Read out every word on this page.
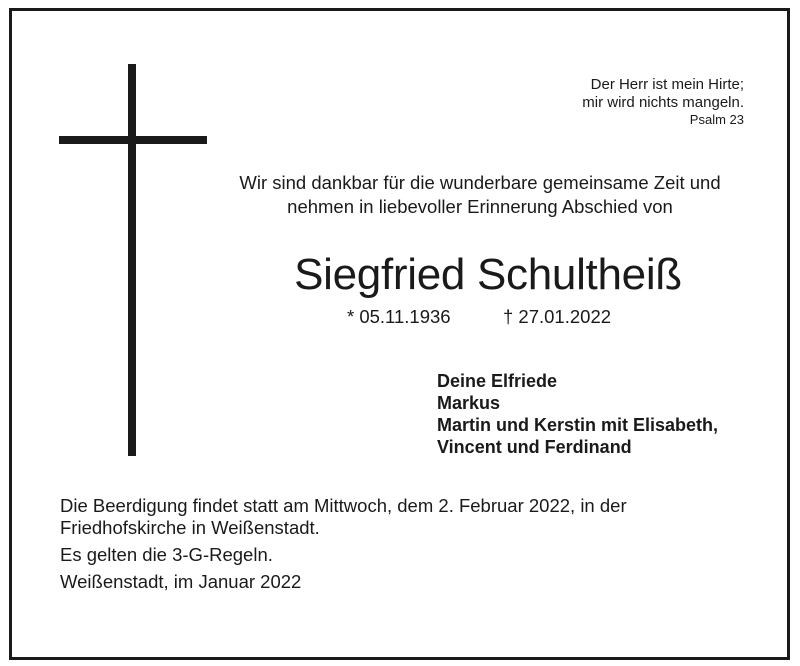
Der Herr ist mein Hirte;
mir wird nichts mangeln.
Psalm 23
Wir sind dankbar für die wunderbare gemeinsame Zeit und
nehmen in liebevoller Erinnerung Abschied von
Siegfried Schultheiß
* 05.11.1936	† 27.01.2022
Deine Elfriede
Markus
Martin und Kerstin mit Elisabeth,
Vincent und Ferdinand
Die Beerdigung findet statt am Mittwoch, dem 2. Februar 2022, in der
Friedhofskirche in Weißenstadt.
Es gelten die 3-G-Regeln.
Weißenstadt, im Januar 2022
